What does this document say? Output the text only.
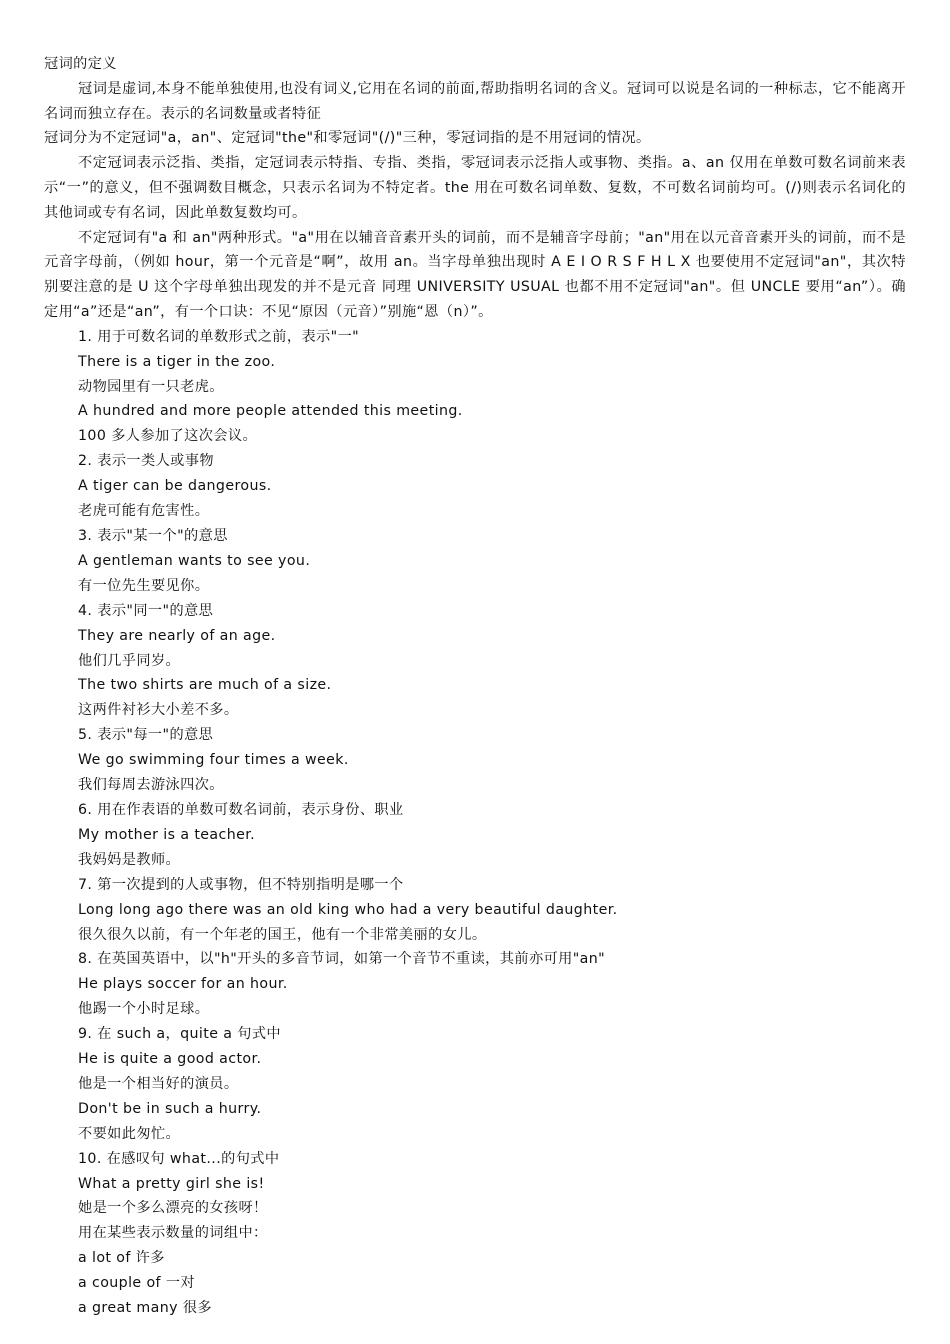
冠词的定义

冠词是虚词,本身不能单独使用,也没有词义,它用在名词的前面,帮助指明名词的含义。冠词可以说是名词的一种标志，它不能离开名词而独立存在。表示的名词数量或者特征

冠词分为不定冠词"a，an"、定冠词"the"和零冠词"(/)"三种，零冠词指的是不用冠词的情况。

不定冠词表示泛指、类指，定冠词表示特指、专指、类指，零冠词表示泛指人或事物、类指。a、an 仅用在单数可数名词前来表示“一”的意义，但不强调数目概念，只表示名词为不特定者。the 用在可数名词单数、复数，不可数名词前均可。(/)则表示名词化的其他词或专有名词，因此单数复数均可。

不定冠词有"a 和 an"两种形式。"a"用在以辅音音素开头的词前，而不是辅音字母前；"an"用在以元音音素开头的词前，而不是元音字母前，（例如 hour，第一个元音是“啊”，故用 an。当字母单独出现时 A E I O R S F H L X 也要使用不定冠词"an"，其次特别要注意的是 U 这个字母单独出现发的并不是元音 同理 UNIVERSITY USUAL 也都不用不定冠词"an"。但 UNCLE 要用“an”）。确定用“a”还是“an”，有一个口诀：不见“原因（元音）”别施“恩（n）”。

1. 用于可数名词的单数形式之前，表示"一"

There is a tiger in the zoo.

动物园里有一只老虎。

A hundred and more people attended this meeting.

100 多人参加了这次会议。

2. 表示一类人或事物

A tiger can be dangerous.

老虎可能有危害性。

3. 表示"某一个"的意思

A gentleman wants to see you.

有一位先生要见你。

4. 表示"同一"的意思

They are nearly of an age.

他们几乎同岁。

The two shirts are much of a size.

这两件衬衫大小差不多。

5. 表示"每一"的意思

We go swimming four times a week.

我们每周去游泳四次。

6. 用在作表语的单数可数名词前，表示身份、职业

My mother is a teacher.

我妈妈是教师。

7. 第一次提到的人或事物，但不特别指明是哪一个

Long long ago there was an old king who had a very beautiful daughter.

很久很久以前，有一个年老的国王，他有一个非常美丽的女儿。

8. 在英国英语中，以"h"开头的多音节词，如第一个音节不重读，其前亦可用"an"

He plays soccer for an hour.

他踢一个小时足球。

9. 在 such a，quite a 句式中

He is quite a good actor.

他是一个相当好的演员。

Don't be in such a hurry.

不要如此匆忙。

10. 在感叹句 what...的句式中

What a pretty girl she is!

她是一个多么漂亮的女孩呀！

用在某些表示数量的词组中：

a lot of 许多

a couple of 一对

a great many 很多
